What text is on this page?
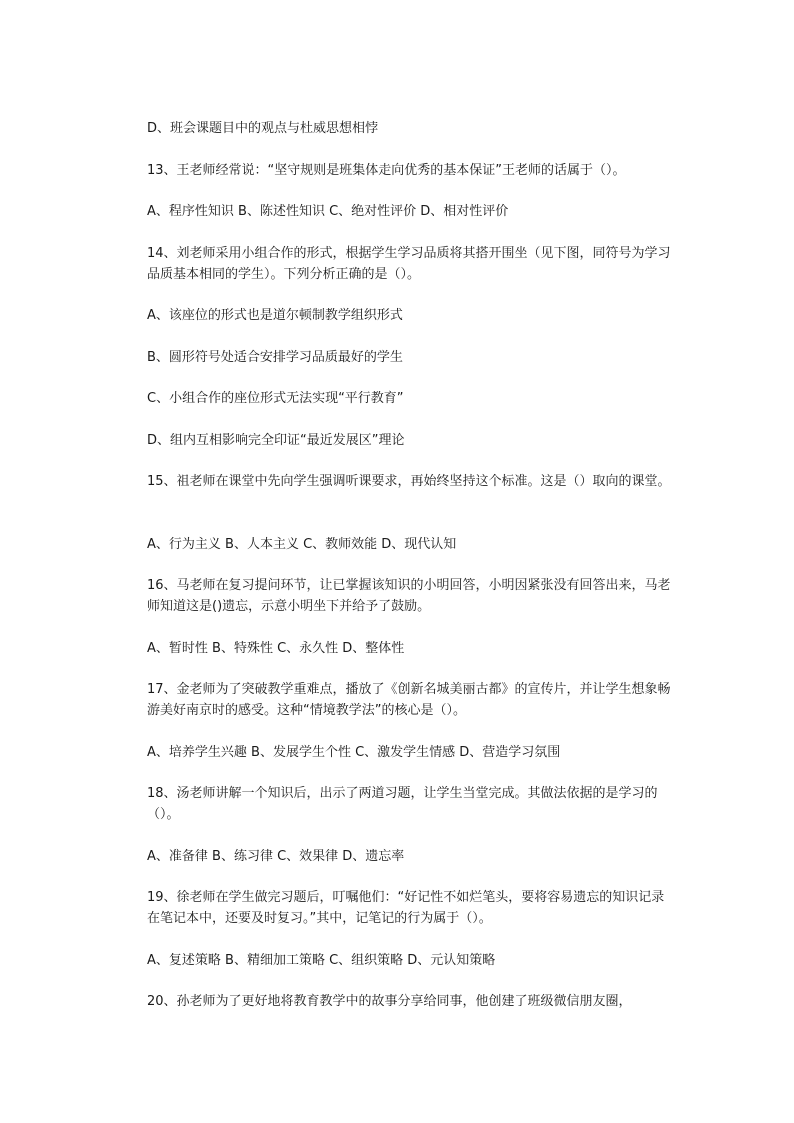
D、班会课题目中的观点与杜威思想相悖
13、王老师经常说：“坚守规则是班集体走向优秀的基本保证”王老师的话属于（）。
A、程序性知识 B、陈述性知识 C、绝对性评价 D、相对性评价
14、刘老师采用小组合作的形式，根据学生学习品质将其搭开围坐（见下图，同符号为学习品质基本相同的学生）。下列分析正确的是（）。
A、该座位的形式也是道尔顿制教学组织形式
B、圆形符号处适合安排学习品质最好的学生
C、小组合作的座位形式无法实现“平行教育”
D、组内互相影响完全印证“最近发展区”理论
15、祖老师在课堂中先向学生强调听课要求，再始终坚持这个标准。这是（）取向的课堂。
A、行为主义 B、人本主义 C、教师效能 D、现代认知
16、马老师在复习提问环节，让已掌握该知识的小明回答，小明因紧张没有回答出来，马老师知道这是()遗忘，示意小明坐下并给予了鼓励。
A、暂时性 B、特殊性 C、永久性 D、整体性
17、金老师为了突破教学重难点，播放了《创新名城美丽古都》的宣传片，并让学生想象畅游美好南京时的感受。这种“情境教学法”的核心是（）。
A、培养学生兴趣 B、发展学生个性 C、激发学生情感 D、营造学习氛围
18、汤老师讲解一个知识后，出示了两道习题，让学生当堂完成。其做法依据的是学习的（）。
A、准备律 B、练习律 C、效果律 D、遗忘率
19、徐老师在学生做完习题后，叮嘱他们：“好记性不如烂笔头，要将容易遗忘的知识记录在笔记本中，还要及时复习。”其中，记笔记的行为属于（）。
A、复述策略 B、精细加工策略 C、组织策略 D、元认知策略
20、孙老师为了更好地将教育教学中的故事分享给同事，他创建了班级微信朋友圈，
